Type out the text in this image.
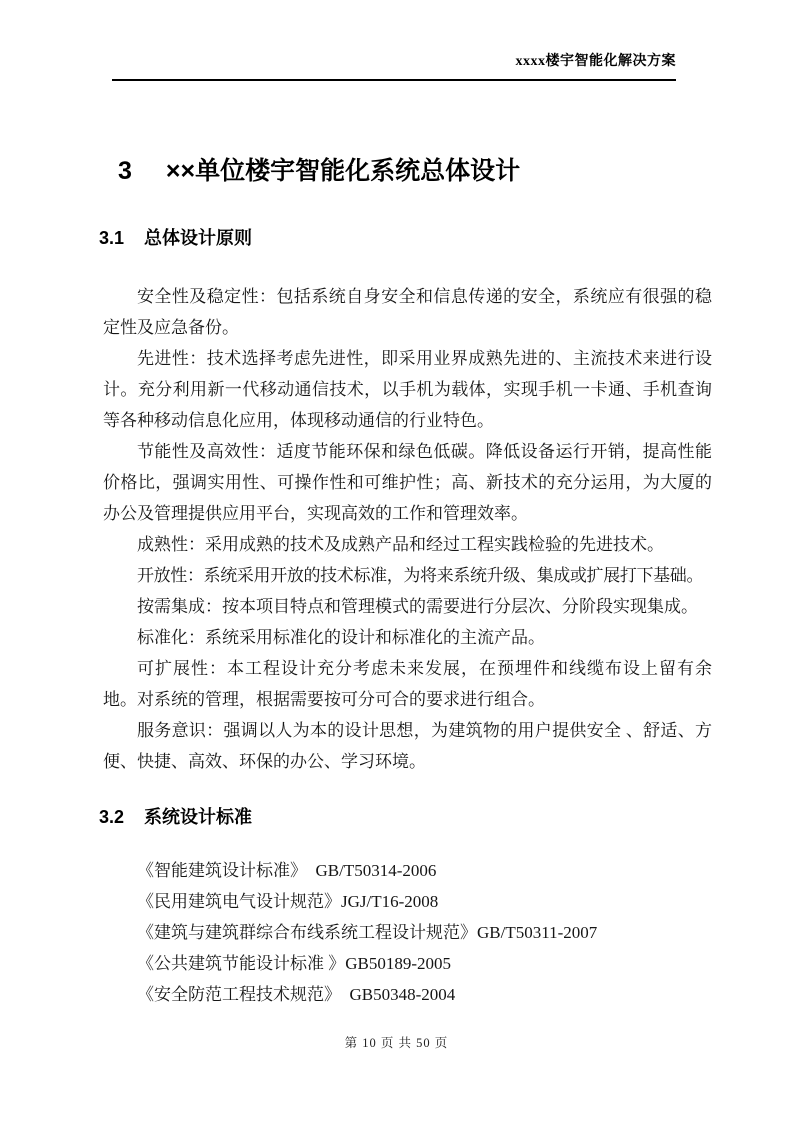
xxxx楼宇智能化解决方案
3 ××单位楼宇智能化系统总体设计
3.1 总体设计原则
安全性及稳定性：包括系统自身安全和信息传递的安全，系统应有很强的稳定性及应急备份。
先进性：技术选择考虑先进性，即采用业界成熟先进的、主流技术来进行设计。充分利用新一代移动通信技术，以手机为载体，实现手机一卡通、手机查询等各种移动信息化应用，体现移动通信的行业特色。
节能性及高效性：适度节能环保和绿色低碳。降低设备运行开销，提高性能价格比，强调实用性、可操作性和可维护性；高、新技术的充分运用，为大厦的办公及管理提供应用平台，实现高效的工作和管理效率。
成熟性：采用成熟的技术及成熟产品和经过工程实践检验的先进技术。
开放性：系统采用开放的技术标准，为将来系统升级、集成或扩展打下基础。
按需集成：按本项目特点和管理模式的需要进行分层次、分阶段实现集成。
标准化：系统采用标准化的设计和标准化的主流产品。
可扩展性：本工程设计充分考虑未来发展，在预埋件和线缆布设上留有余地。对系统的管理，根据需要按可分可合的要求进行组合。
服务意识：强调以人为本的设计思想，为建筑物的用户提供安全 、舒适、方便、快捷、高效、环保的办公、学习环境。
3.2 系统设计标准
《智能建筑设计标准》  GB/T50314-2006
《民用建筑电气设计规范》JGJ/T16-2008
《建筑与建筑群综合布线系统工程设计规范》GB/T50311-2007
《公共建筑节能设计标准 》GB50189-2005
《安全防范工程技术规范》  GB50348-2004
第 10 页 共 50 页
